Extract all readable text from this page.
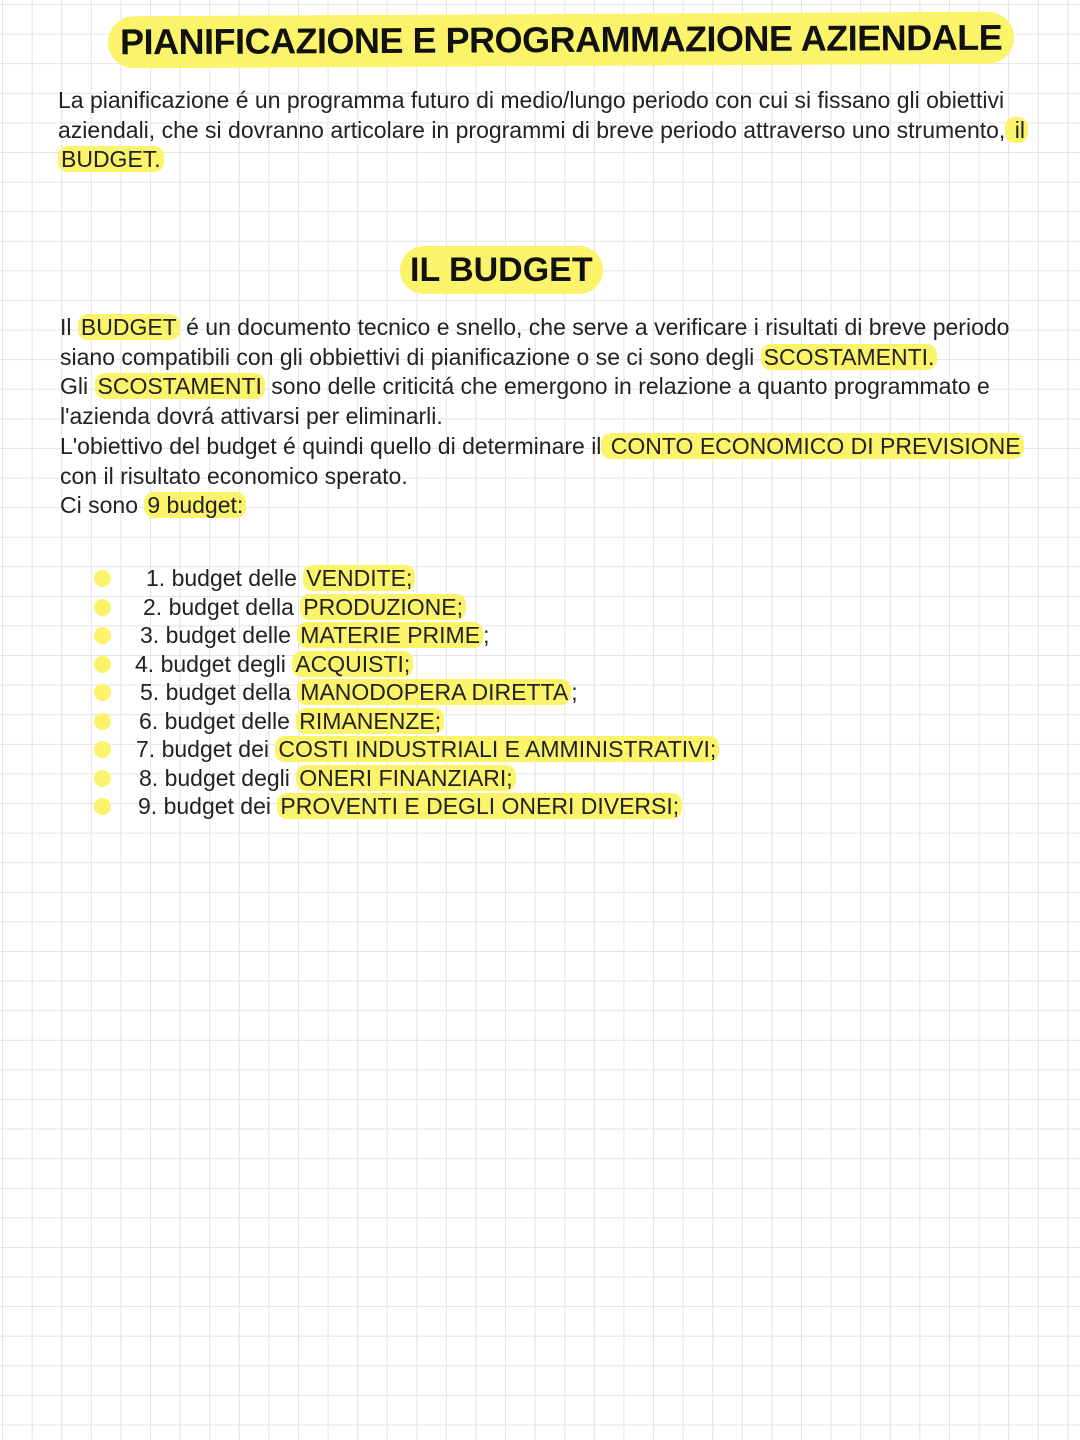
PIANIFICAZIONE E PROGRAMMAZIONE AZIENDALE

La pianificazione é un programma futuro di medio/lungo periodo con cui si fissano gli obiettivi aziendali, che si dovranno articolare in programmi di breve periodo attraverso uno strumento, il BUDGET.

IL BUDGET

Il BUDGET é un documento tecnico e snello, che serve a verificare i risultati di breve periodo siano compatibili con gli obbiettivi di pianificazione o se ci sono degli SCOSTAMENTI.

Gli SCOSTAMENTI sono delle criticitá che emergono in relazione a quanto programmato e l'azienda dovrá attivarsi per eliminarli.

L'obiettivo del budget é quindi quello di determinare il CONTO ECONOMICO DI PREVISIONE con il risultato economico sperato.

Ci sono 9 budget:

1. budget delle VENDITE;
2. budget della PRODUZIONE;
3. budget delle MATERIE PRIME ;
4. budget degli ACQUISTI;
5. budget della MANODOPERA DIRETTA ;
6. budget delle RIMANENZE;
7. budget dei COSTI INDUSTRIALI E AMMINISTRATIVI;
8. budget degli ONERI FINANZIARI;
9. budget dei PROVENTI E DEGLI ONERI DIVERSI;
